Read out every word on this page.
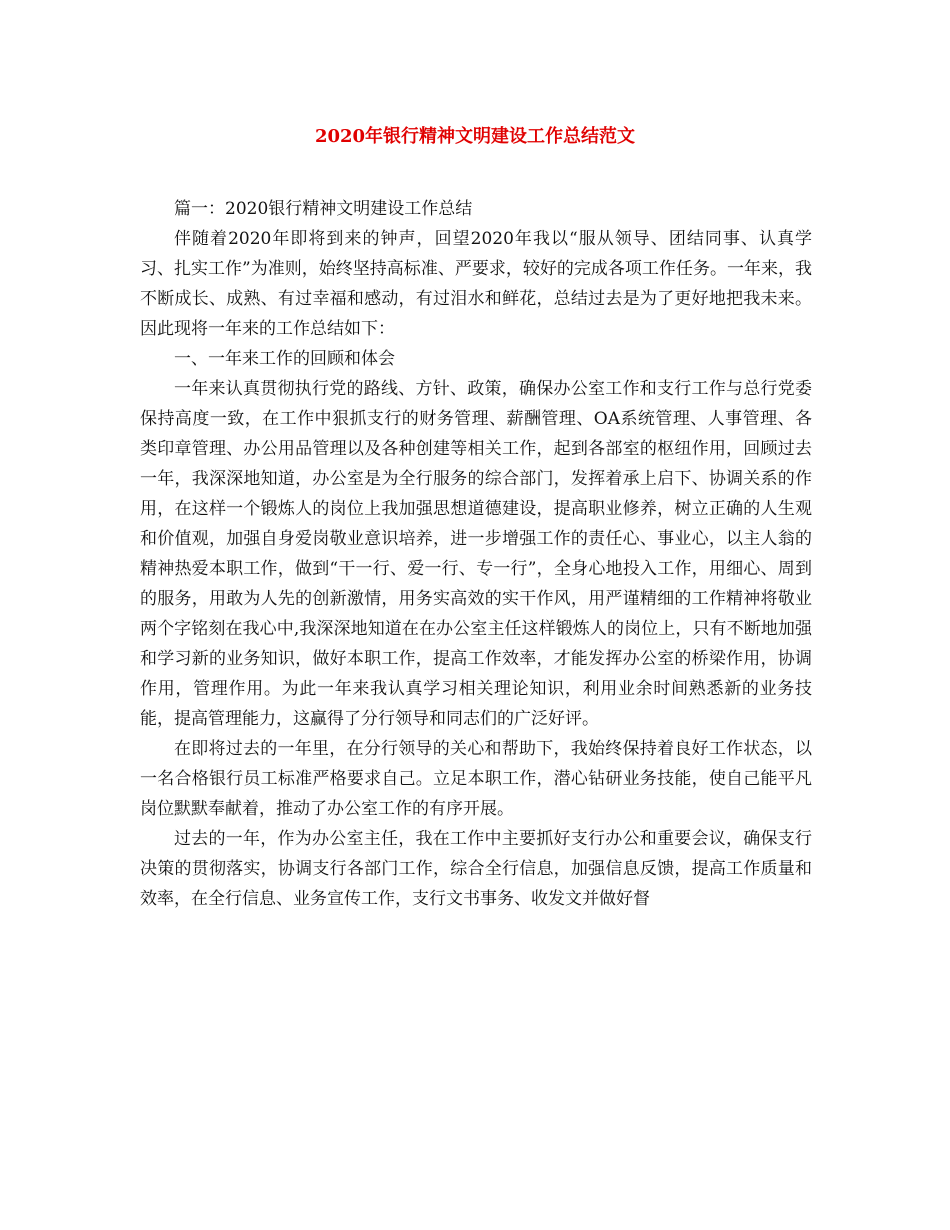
2020年银行精神文明建设工作总结范文

篇一：2020银行精神文明建设工作总结

伴随着2020年即将到来的钟声，回望2020年我以“服从领导、团结同事、认真学习、扎实工作”为准则，始终坚持高标准、严要求，较好的完成各项工作任务。一年来，我不断成长、成熟、有过幸福和感动，有过泪水和鲜花，总结过去是为了更好地把我未来。因此现将一年来的工作总结如下：

一、一年来工作的回顾和体会

一年来认真贯彻执行党的路线、方针、政策，确保办公室工作和支行工作与总行党委保持高度一致，在工作中狠抓支行的财务管理、薪酬管理、OA系统管理、人事管理、各类印章管理、办公用品管理以及各种创建等相关工作，起到各部室的枢纽作用，回顾过去一年，我深深地知道，办公室是为全行服务的综合部门，发挥着承上启下、协调关系的作用，在这样一个锻炼人的岗位上我加强思想道德建设，提高职业修养，树立正确的人生观和价值观，加强自身爱岗敬业意识培养，进一步增强工作的责任心、事业心，以主人翁的精神热爱本职工作，做到“干一行、爱一行、专一行”，全身心地投入工作，用细心、周到的服务，用敢为人先的创新激情，用务实高效的实干作风，用严谨精细的工作精神将敬业两个字铭刻在我心中,我深深地知道在在办公室主任这样锻炼人的岗位上，只有不断地加强和学习新的业务知识，做好本职工作，提高工作效率，才能发挥办公室的桥梁作用，协调作用，管理作用。为此一年来我认真学习相关理论知识，利用业余时间熟悉新的业务技能，提高管理能力，这赢得了分行领导和同志们的广泛好评。

在即将过去的一年里，在分行领导的关心和帮助下，我始终保持着良好工作状态，以一名合格银行员工标准严格要求自己。立足本职工作，潜心钻研业务技能，使自己能平凡岗位默默奉献着，推动了办公室工作的有序开展。

过去的一年，作为办公室主任，我在工作中主要抓好支行办公和重要会议，确保支行决策的贯彻落实，协调支行各部门工作，综合全行信息，加强信息反馈，提高工作质量和效率，在全行信息、业务宣传工作，支行文书事务、收发文并做好督
